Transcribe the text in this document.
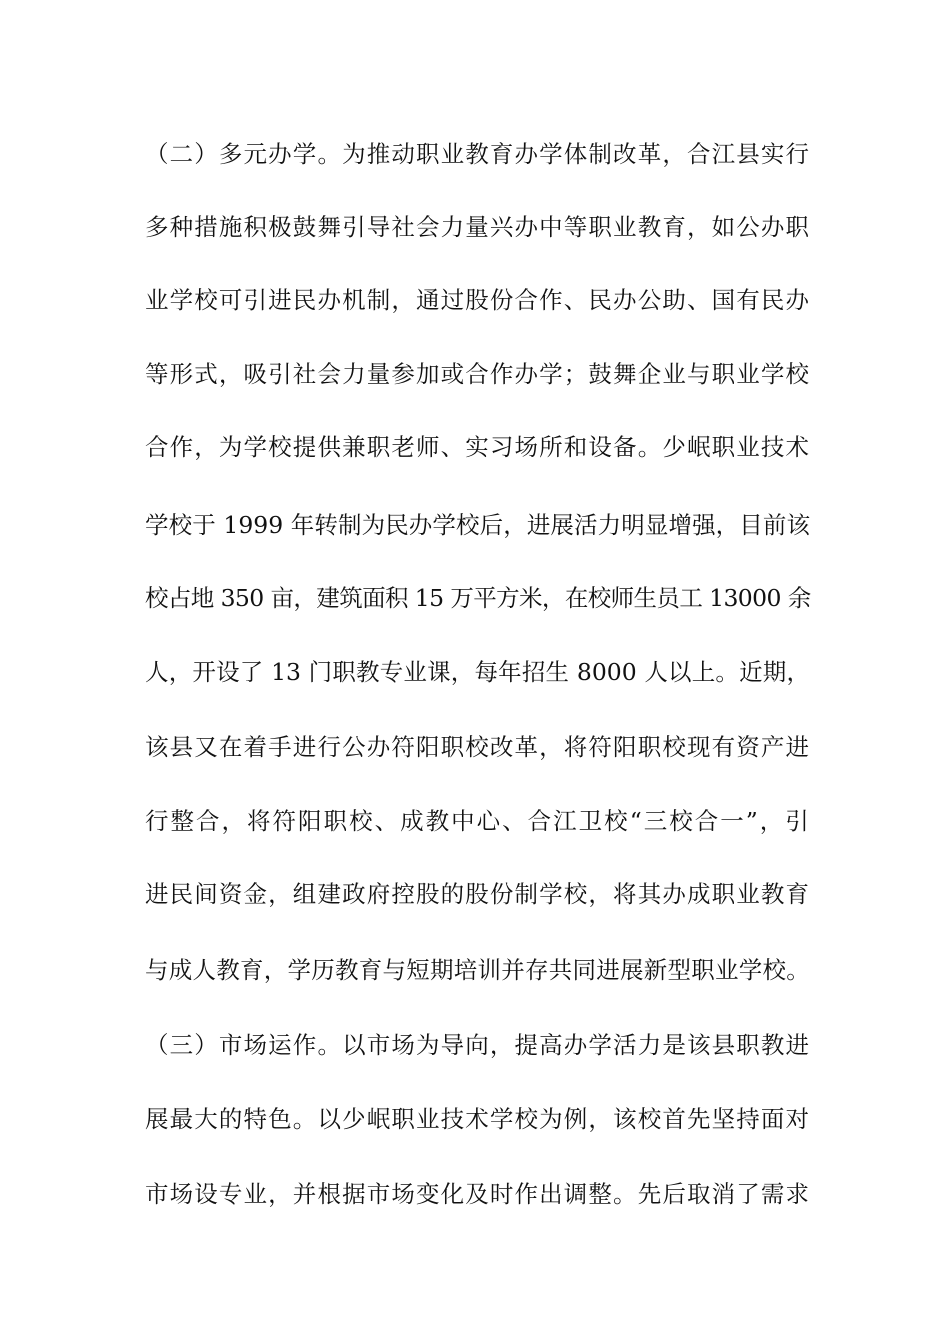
（二）多元办学。为推动职业教育办学体制改革，合江县实行
多种措施积极鼓舞引导社会力量兴办中等职业教育，如公办职
业学校可引进民办机制，通过股份合作、民办公助、国有民办
等形式，吸引社会力量参加或合作办学；鼓舞企业与职业学校
合作，为学校提供兼职老师、实习场所和设备。少岷职业技术
学校于 1999 年转制为民办学校后，进展活力明显增强，目前该
校占地 350 亩，建筑面积 15 万平方米，在校师生员工 13000 余
人，开设了 13 门职教专业课，每年招生 8000 人以上。近期，
该县又在着手进行公办符阳职校改革，将符阳职校现有资产进
行整合，将符阳职校、成教中心、合江卫校“三校合一”，引
进民间资金，组建政府控股的股份制学校，将其办成职业教育
与成人教育，学历教育与短期培训并存共同进展新型职业学校。
（三）市场运作。以市场为导向，提高办学活力是该县职教进
展最大的特色。以少岷职业技术学校为例，该校首先坚持面对
市场设专业，并根据市场变化及时作出调整。先后取消了需求
